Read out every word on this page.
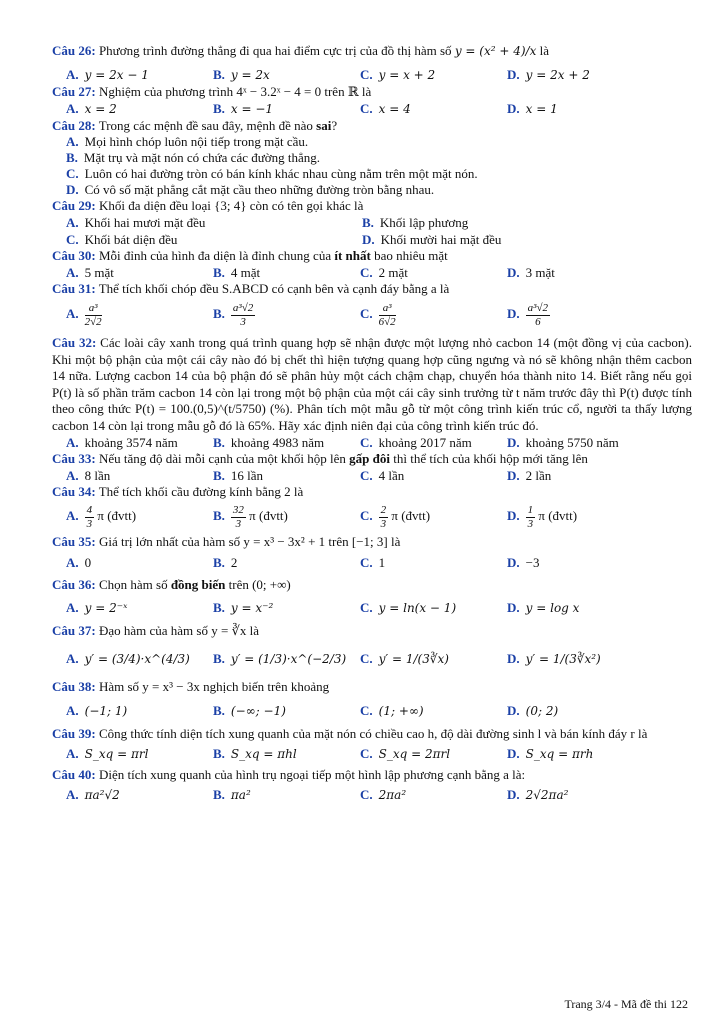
Câu 26: Phương trình đường thẳng đi qua hai điểm cực trị của đồ thị hàm số y = (x² + 4)/x là

A. y = 2x − 1	B. y = 2x	C. y = x + 2	D. y = 2x + 2

Câu 27: Nghiệm của phương trình 4ˣ − 3.2ˣ − 4 = 0 trên ℝ là

A. x = 2	B. x = −1	C. x = 4	D. x = 1

Câu 28: Trong các mệnh đề sau đây, mệnh đề nào sai?

A. Mọi hình chóp luôn nội tiếp trong mặt cầu.
B. Mặt trụ và mặt nón có chứa các đường thẳng.
C. Luôn có hai đường tròn có bán kính khác nhau cùng nằm trên một mặt nón.
D. Có vô số mặt phẳng cắt mặt cầu theo những đường tròn bằng nhau.

Câu 29: Khối đa diện đều loại {3; 4} còn có tên gọi khác là

A. Khối hai mươi mặt đều	B. Khối lập phương
C. Khối bát diện đều	D. Khối mười hai mặt đều

Câu 30: Mỗi đỉnh của hình đa diện là đỉnh chung của ít nhất bao nhiêu mặt

A. 5 mặt	B. 4 mặt	C. 2 mặt	D. 3 mặt

Câu 31: Thể tích khối chóp đều S.ABCD có cạnh bên và cạnh đáy bằng a là

A. $\frac{\text{a³}}{2√2}$	B. $\frac{\text{a³√2}}{3}$	C. $\frac{\text{a³}}{6√2}$	D. $\frac{\text{a³√2}}{6}$

Câu 32: Các loài cây xanh trong quá trình quang hợp sẽ nhận được một lượng nhỏ cacbon 14 (một đồng vị của cacbon). Khi một bộ phận của một cái cây nào đó bị chết thì hiện tượng quang hợp cũng ngưng và nó sẽ không nhận thêm cacbon 14 nữa. Lượng cacbon 14 của bộ phận đó sẽ phân hủy một cách chậm chạp, chuyển hóa thành nito 14. Biết rằng nếu gọi P(t) là số phần trăm cacbon 14 còn lại trong một bộ phận của một cái cây sinh trưởng từ t năm trước đây thì P(t) được tính theo công thức P(t) = 100.(0,5)^(t/5750) (%). Phân tích một mẫu gỗ từ một công trình kiến trúc cổ, người ta thấy lượng cacbon 14 còn lại trong mẫu gỗ đó là 65%. Hãy xác định niên đại của công trình kiến trúc đó.

A. khoảng 3574 năm	B. khoảng 4983 năm	C. khoảng 2017 năm	D. khoảng 5750 năm

Câu 33: Nếu tăng độ dài mỗi cạnh của một khối hộp lên gấp đôi thì thể tích của khối hộp mới tăng lên

A. 8 lần	B. 16 lần	C. 4 lần	D. 2 lần

Câu 34: Thể tích khối cầu đường kính bằng 2 là

A. $\frac{4}{3}$ π (đvtt)	B. $\frac{32}{3}$ π (đvtt)	C. $\frac{2}{3}$ π (đvtt)	D. $\frac{1}{3}$ π (đvtt)

Câu 35: Giá trị lớn nhất của hàm số y = x³ − 3x² + 1 trên [−1; 3] là

A. 0	B. 2	C. 1	D. −3

Câu 36: Chọn hàm số đồng biến trên (0; +∞)

A. y = 2⁻ˣ	B. y = x⁻²	C. y = ln(x − 1)	D. y = log x

Câu 37: Đạo hàm của hàm số y = ∛x là

A. y′ = (3/4)·x^(4/3)	B. y′ = (1/3)·x^(−2/3)	C. y′ = 1/(3∛x)	D. y′ = 1/(3∛x²)

Câu 38: Hàm số y = x³ − 3x nghịch biến trên khoảng

A. (−1; 1)	B. (−∞; −1)	C. (1; +∞)	D. (0; 2)

Câu 39: Công thức tính diện tích xung quanh của mặt nón có chiều cao h, độ dài đường sinh l và bán kính đáy r là

A. S_xq = πrl	B. S_xq = πhl	C. S_xq = 2πrl	D. S_xq = πrh

Câu 40: Diện tích xung quanh của hình trụ ngoại tiếp một hình lập phương cạnh bằng a là:

A. πa²√2	B. πa²	C. 2πa²	D. 2√2πa²
Trang 3/4 - Mã đề thi 122
